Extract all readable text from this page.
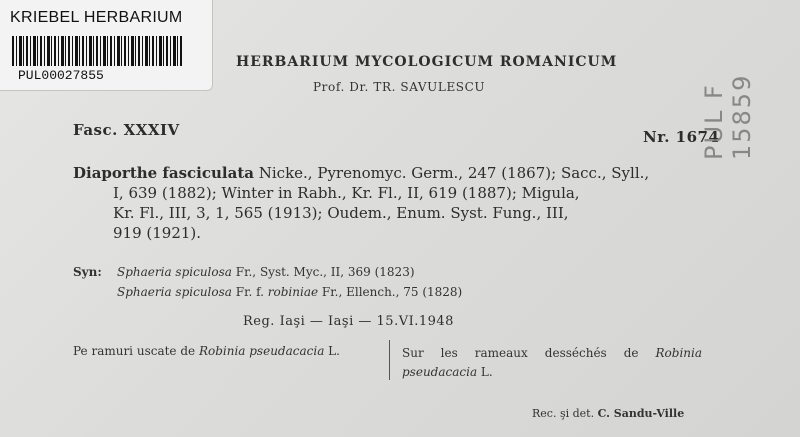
KRIEBEL HERBARIUM
PUL00027855
HERBARIUM MYCOLOGICUM ROMANICUM
Prof. Dr. TR. SAVULESCU
Fasc. XXXIV	Nr. 1674
Diaporthe fasciculata Nicke., Pyrenomyc. Germ., 247 (1867); Sacc., Syll.,
I, 639 (1882); Winter in Rabh., Kr. Fl., II, 619 (1887); Migula,
Kr. Fl., III, 3, 1, 565 (1913); Oudem., Enum. Syst. Fung., III,
919 (1921).
Syn: Sphaeria spiculosa Fr., Syst. Myc., II, 369 (1823)
Sphaeria spiculosa Fr. f. robiniae Fr., Ellench., 75 (1828)
Reg. Iaşi — Iaşi — 15.VI.1948
Pe ramuri uscate de Robinia pseudacacia L.	Sur les rameaux desséchés de Robinia pseudacacia L.
Rec. şi det. C. Sandu-Ville
PUL F 15859
